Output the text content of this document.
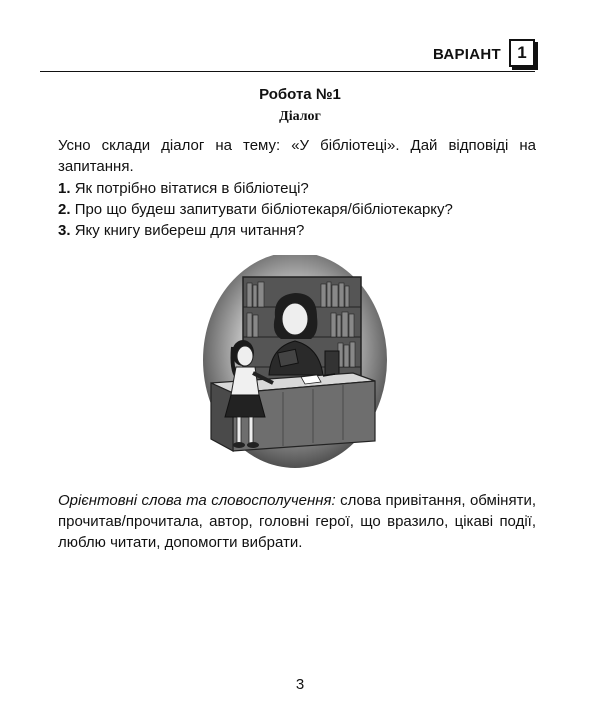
ВАРІАНТ 1
Робота №1
Діалог
Усно склади діалог на тему: «У бібліотеці». Дай відповіді на запитання.
1. Як потрібно вітатися в бібліотеці?
2. Про що будеш запитувати бібліотекаря/бібліотекарку?
3. Яку книгу вибереш для читання?
Орієнтовні слова та словосполучення: слова привітання, обміняти, прочитав/прочитала, автор, головні герої, що вразило, цікаві події, люблю читати, допомогти вибрати.
3
